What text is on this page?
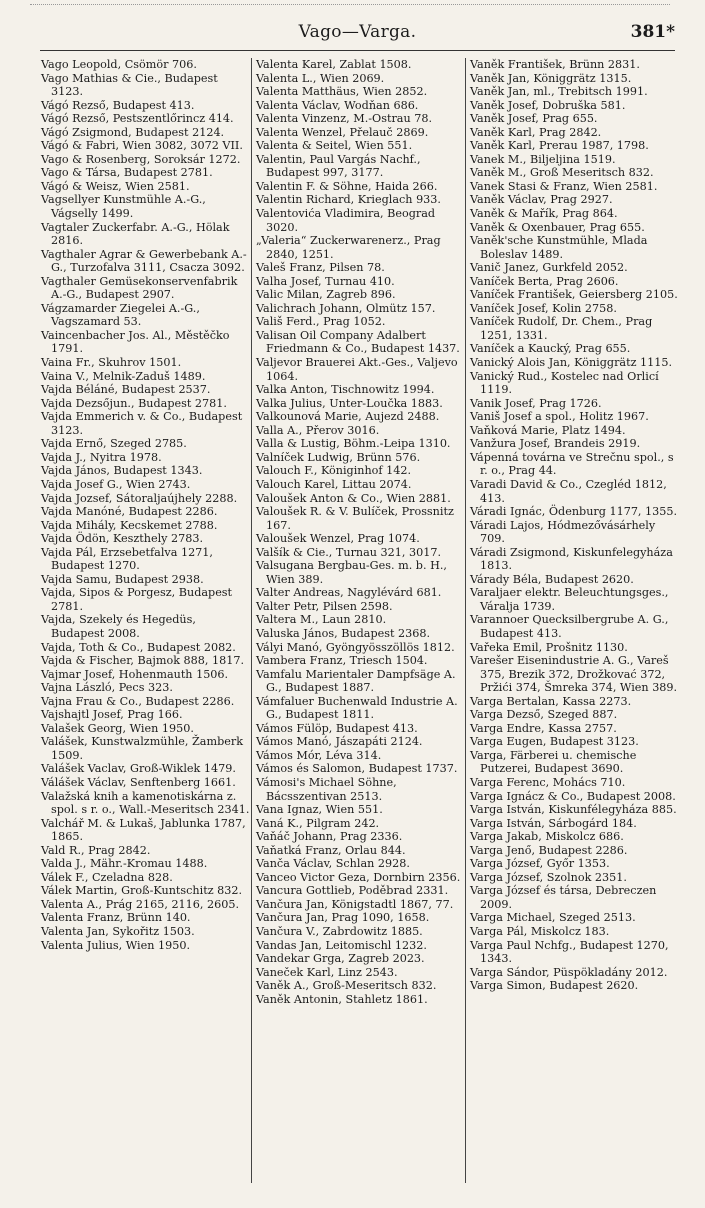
Vago—Varga.	381*
Vago Leopold, Csömör 706.
Vago Mathias & Cie., Budapest 3123.
Vágó Rezső, Budapest 413.
Vágó Rezső, Pestszentlőrincz 414.
Vágó Zsigmond, Budapest 2124.
Vágó & Fabri, Wien 3082, 3072 VII.
Vago & Rosenberg, Soroksár 1272.
Vago & Társa, Budapest 2781.
Vágó & Weisz, Wien 2581.
Vagsellyer Kunstmühle A.-G., Vágselly 1499.
Vagtaler Zuckerfabr. A.-G., Hölak 2816.
Vagthaler Agrar & Gewerbebank A.-G., Turzofalva 3111, Csacza 3092.
Vagthaler Gemüsekonservenfabrik A.-G., Budapest 2907.
Vágzamarder Ziegelei A.-G., Vagszamard 53.
Vaincenbacher Jos. Al., Městěčko 1791.
Vaina Fr., Skuhrov 1501.
Vaina V., Melnik-Zaduš 1489.
Vajda Béláné, Budapest 2537.
Vajda Dezsőjun., Budapest 2781.
Vajda Emmerich v. & Co., Budapest 3123.
Vajda Ernő, Szeged 2785.
Vajda J., Nyitra 1978.
Vajda János, Budapest 1343.
Vajda Josef G., Wien 2743.
Vajda Jozsef, Sátoraljaújhely 2288.
Vajda Manóné, Budapest 2286.
Vajda Mihály, Kecskemet 2788.
Vajda Ödön, Keszthely 2783.
Vajda Pál, Erzsebetfalva 1271, Budapest 1270.
Vajda Samu, Budapest 2938.
Vajda, Sipos & Porgesz, Budapest 2781.
Vajda, Szekely és Hegedüs, Budapest 2008.
Vajda, Toth & Co., Budapest 2082.
Vajda & Fischer, Bajmok 888, 1817.
Vajmar Josef, Hohenmauth 1506.
Vajna László, Pecs 323.
Vajna Frau & Co., Budapest 2286.
Vajshajtl Josef, Prag 166.
Valašek Georg, Wien 1950.
Valášek, Kunstwalzmühle, Žamberk 1509.
Valášek Vaclav, Groß-Wiklek 1479.
Válášek Václav, Senftenberg 1661.
Valažská knih a kamenotiskárna z. spol. s r. o., Wall.-Meseritsch 2341.
Valchář M. & Lukaš, Jablunka 1787, 1865.
Vald R., Prag 2842.
Valda J., Mähr.-Kromau 1488.
Válek F., Czeladna 828.
Válek Martin, Groß-Kuntschitz 832.
Valenta A., Prág 2165, 2116, 2605.
Valenta Franz, Brünn 140.
Valenta Jan, Sykořitz 1503.
Valenta Julius, Wien 1950.
Valenta Karel, Zablat 1508.
Valenta L., Wien 2069.
Valenta Matthäus, Wien 2852.
Valenta Václav, Wodňan 686.
Valenta Vinzenz, M.-Ostrau 78.
Valenta Wenzel, Přelauč 2869.
Valenta & Seitel, Wien 551.
Valentin, Paul Vargás Nachf., Budapest 997, 3177.
Valentin F. & Söhne, Haida 266.
Valentin Richard, Krieglach 933.
Valentovića Vladimira, Beograd 3020.
„Valeria“ Zuckerwarenerz., Prag 2840, 1251.
Valeš Franz, Pilsen 78.
Valha Josef, Turnau 410.
Valic Milan, Zagreb 896.
Valichrach Johann, Olmütz 157.
Vališ Ferd., Prag 1052.
Valisan Oil Company Adalbert Friedmann & Co., Budapest 1437.
Valjevor Brauerei Akt.-Ges., Valjevo 1064.
Valka Anton, Tischnowitz 1994.
Valka Julius, Unter-Loučka 1883.
Valkounová Marie, Aujezd 2488.
Valla A., Přerov 3016.
Valla & Lustig, Böhm.-Leipa 1310.
Valníček Ludwig, Brünn 576.
Valouch F., Königinhof 142.
Valouch Karel, Littau 2074.
Valoušek Anton & Co., Wien 2881.
Valoušek R. & V. Bulíček, Prossnitz 167.
Valoušek Wenzel, Prag 1074.
Valšík & Cie., Turnau 321, 3017.
Valsugana Bergbau-Ges. m. b. H., Wien 389.
Valter Andreas, Nagylévárd 681.
Valter Petr, Pilsen 2598.
Valtera M., Laun 2810.
Valuska János, Budapest 2368.
Vályi Manó, Gyöngyösszöllös 1812.
Vambera Franz, Triesch 1504.
Vamfalu Marientaler Dampfsäge A. G., Budapest 1887.
Vámfaluer Buchenwald Industrie A. G., Budapest 1811.
Vámos Fülöp, Budapest 413.
Vámos Manó, Jászapáti 2124.
Vámos Mór, Léva 314.
Vámos és Salomon, Budapest 1737.
Vámosi's Michael Söhne, Bácsszentivan 2513.
Vana Ignaz, Wien 551.
Vaná K., Pilgram 242.
Vaňáč Johann, Prag 2336.
Vaňatká Franz, Orlau 844.
Vanča Václav, Schlan 2928.
Vanceo Victor Geza, Dornbirn 2356.
Vancura Gottlieb, Poděbrad 2331.
Vančura Jan, Königstadtl 1867, 77.
Vančura Jan, Prag 1090, 1658.
Vančura V., Zabrdowitz 1885.
Vandas Jan, Leitomischl 1232.
Vandekar Grga, Zagreb 2023.
Vaneček Karl, Linz 2543.
Vaněk A., Groß-Meseritsch 832.
Vaněk Antonin, Stahletz 1861.
Vaněk František, Brünn 2831.
Vaněk Jan, Königgrätz 1315.
Vaněk Jan, ml., Trebitsch 1991.
Vaněk Josef, Dobruška 581.
Vaněk Josef, Prag 655.
Vaněk Karl, Prag 2842.
Vaněk Karl, Prerau 1987, 1798.
Vanek M., Biljeljina 1519.
Vaněk M., Groß Meseritsch 832.
Vanek Stasi & Franz, Wien 2581.
Vaněk Václav, Prag 2927.
Vaněk & Mařík, Prag 864.
Vaněk & Oxenbauer, Prag 655.
Vaněk'sche Kunstmühle, Mlada Boleslav 1489.
Vanič Janez, Gurkfeld 2052.
Vaníček Berta, Prag 2606.
Vaníček František, Geiersberg 2105.
Vaníček Josef, Kolin 2758.
Vaníček Rudolf, Dr. Chem., Prag 1251, 1331.
Vaníček a Kaucký, Prag 655.
Vanický Alois Jan, Königgrätz 1115.
Vanický Rud., Kostelec nad Orlicí 1119.
Vanik Josef, Prag 1726.
Vaniš Josef a spol., Holitz 1967.
Vaňková Marie, Platz 1494.
Vanžura Josef, Brandeis 2919.
Vápenná továrna ve Strečnu spol., s r. o., Prag 44.
Varadi David & Co., Czegléd 1812, 413.
Váradi Ignác, Ödenburg 1177, 1355.
Váradi Lajos, Hódmezővásárhely 709.
Váradi Zsigmond, Kiskunfelegyháza 1813.
Várady Béla, Budapest 2620.
Varaljaer elektr. Beleuchtungsges., Váralja 1739.
Varannoer Quecksilbergrube A. G., Budapest 413.
Vařeka Emil, Prošnitz 1130.
Varešer Eisenindustrie A. G., Vareš 375, Brezik 372, Drožkovać 372, Pržići 374, Šmreka 374, Wien 389.
Varga Bertalan, Kassa 2273.
Varga Dezső, Szeged 887.
Varga Endre, Kassa 2757.
Varga Eugen, Budapest 3123.
Varga, Färberei u. chemische Putzerei, Budapest 3690.
Varga Ferenc, Mohács 710.
Varga Ignácz & Co., Budapest 2008.
Varga István, Kiskunfélegyháza 885.
Varga István, Sárbogárd 184.
Varga Jakab, Miskolcz 686.
Varga Jenő, Budapest 2286.
Varga József, Győr 1353.
Varga József, Szolnok 2351.
Varga József és társa, Debreczen 2009.
Varga Michael, Szeged 2513.
Varga Pál, Miskolcz 183.
Varga Paul Nchfg., Budapest 1270, 1343.
Varga Sándor, Püspökladány 2012.
Varga Simon, Budapest 2620.
